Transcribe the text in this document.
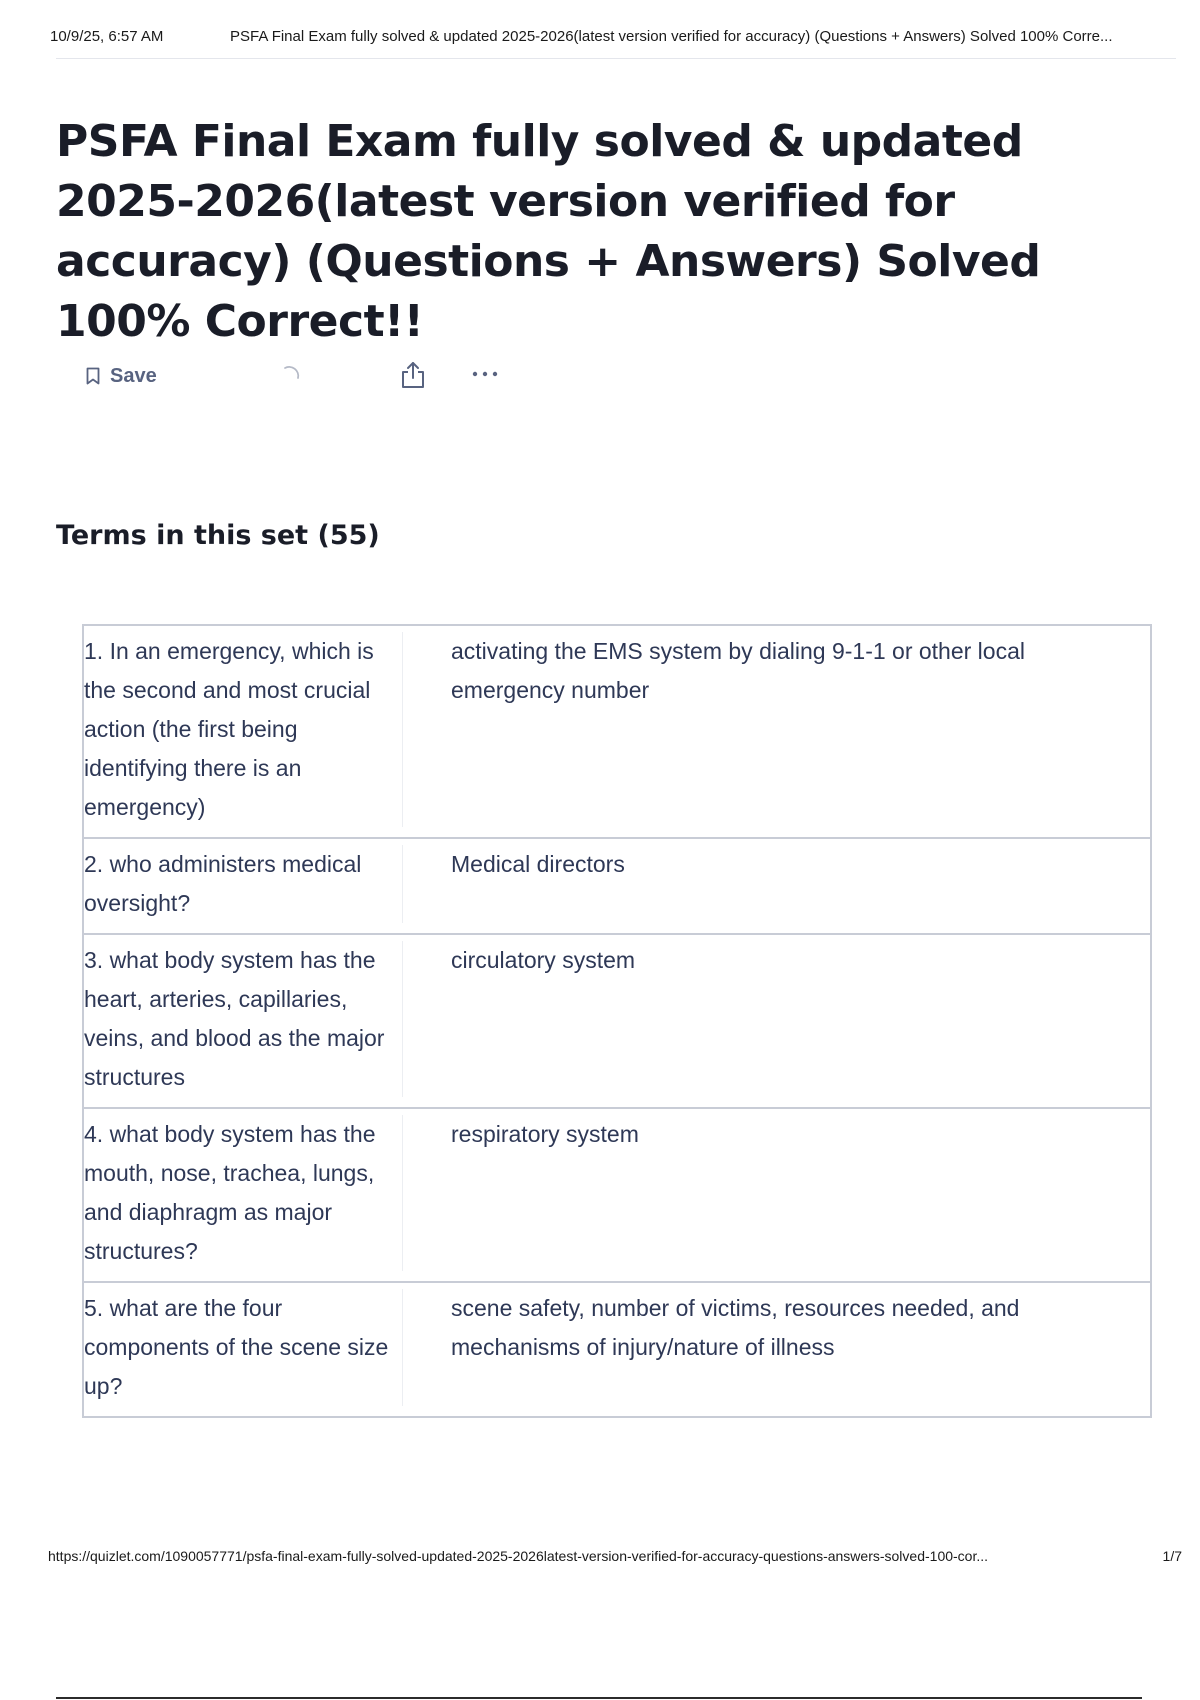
10/9/25, 6:57 AM	PSFA Final Exam fully solved & updated 2025-2026(latest version verified for accuracy) (Questions + Answers) Solved 100% Corre...
PSFA Final Exam fully solved & updated 2025-2026(latest version verified for accuracy) (Questions + Answers) Solved 100% Correct!!
Save
Terms in this set (55)
1. In an emergency, which is the second and most crucial action (the first being identifying there is an emergency)
activating the EMS system by dialing 9-1-1 or other local emergency number
2. who administers medical oversight?
Medical directors
3. what body system has the heart, arteries, capillaries, veins, and blood as the major structures
circulatory system
4. what body system has the mouth, nose, trachea, lungs, and diaphragm as major structures?
respiratory system
5. what are the four components of the scene size up?
scene safety, number of victims, resources needed, and mechanisms of injury/nature of illness
https://quizlet.com/1090057771/psfa-final-exam-fully-solved-updated-2025-2026latest-version-verified-for-accuracy-questions-answers-solved-100-cor...	1/7
